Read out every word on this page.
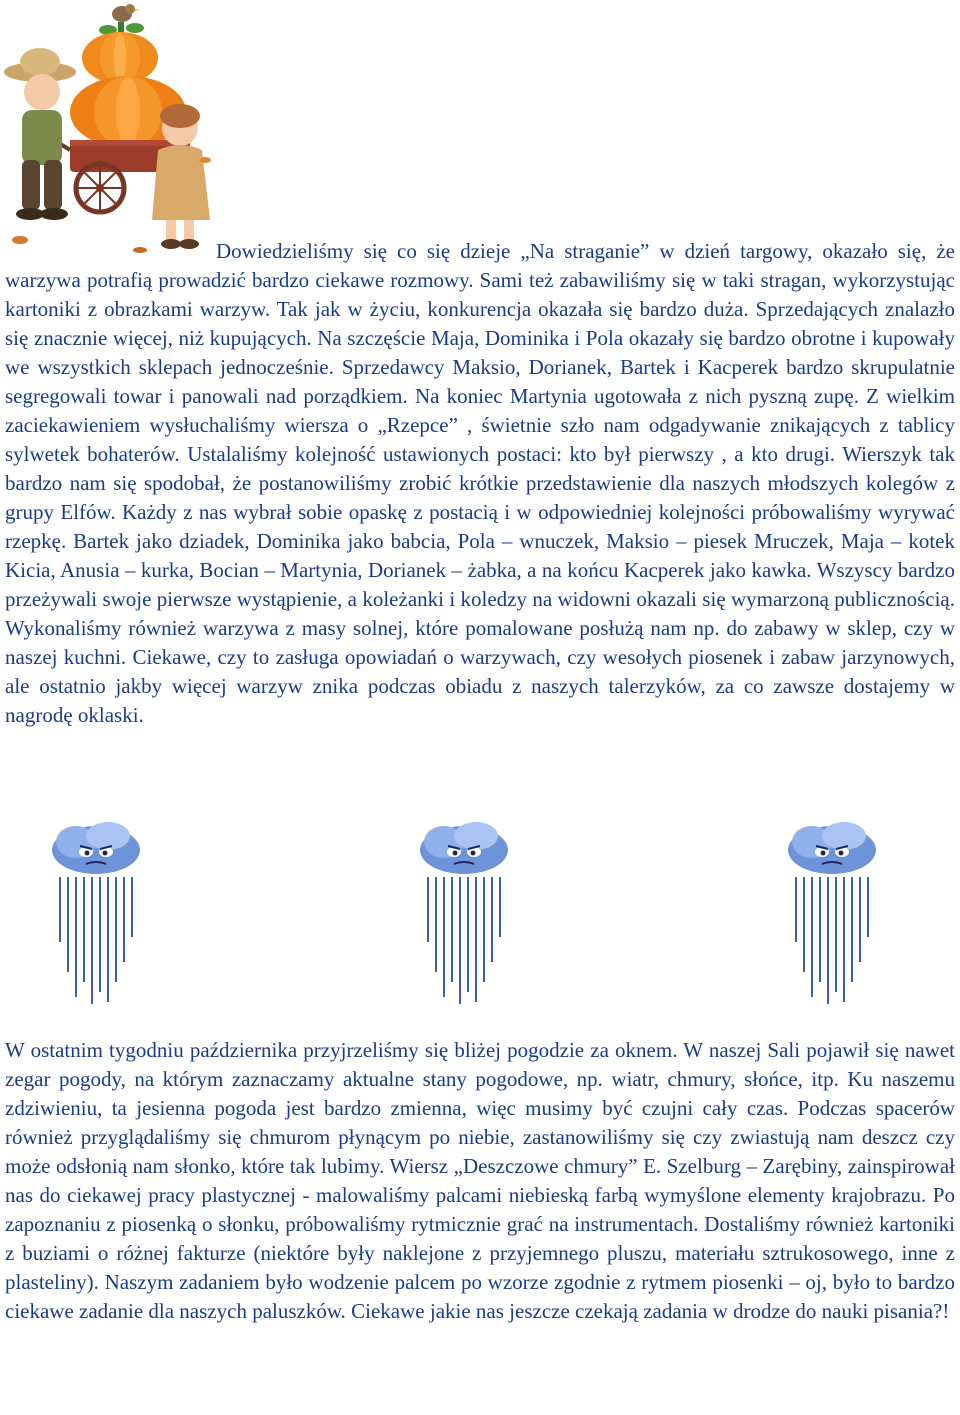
Dowiedzieliśmy się co się dzieje „Na straganie” w dzień targowy, okazało się, że warzywa potrafią prowadzić bardzo ciekawe rozmowy. Sami też zabawiliśmy się w taki stragan, wykorzystując kartoniki z obrazkami warzyw. Tak jak w życiu, konkurencja okazała się bardzo duża. Sprzedających znalazło się znacznie więcej, niż kupujących. Na szczęście Maja, Dominika i Pola okazały się bardzo obrotne i kupowały we wszystkich sklepach jednocześnie. Sprzedawcy Maksio, Dorianek, Bartek i Kacperek bardzo skrupulatnie segregowali towar i panowali nad porządkiem. Na koniec Martynia ugotowała z nich pyszną zupę. Z wielkim zaciekawieniem wysłuchaliśmy wiersza o „Rzepce” , świetnie szło nam odgadywanie znikających z tablicy sylwetek bohaterów. Ustalaliśmy kolejność ustawionych postaci: kto był pierwszy , a kto drugi. Wierszyk tak bardzo nam się spodobał, że postanowiliśmy zrobić krótkie przedstawienie dla naszych młodszych kolegów z grupy Elfów. Każdy z nas wybrał sobie opaskę z postacią i w odpowiedniej kolejności próbowaliśmy wyrywać rzepkę. Bartek jako dziadek, Dominika jako babcia, Pola – wnuczek, Maksio – piesek Mruczek, Maja – kotek Kicia, Anusia – kurka, Bocian – Martynia, Dorianek – żabka, a na końcu Kacperek jako kawka. Wszyscy bardzo przeżywali swoje pierwsze wystąpienie, a koleżanki i koledzy na widowni okazali się wymarzoną publicznością. Wykonaliśmy również warzywa z masy solnej, które pomalowane posłużą nam np. do zabawy w sklep, czy w naszej kuchni. Ciekawe, czy to zasługa opowiadań o warzywach, czy wesołych piosenek i zabaw jarzynowych, ale ostatnio jakby więcej warzyw znika podczas obiadu z naszych talerzyków, za co zawsze dostajemy w nagrodę oklaski.

W ostatnim tygodniu października przyjrzeliśmy się bliżej pogodzie za oknem. W naszej Sali pojawił się nawet zegar pogody, na którym zaznaczamy aktualne stany pogodowe, np. wiatr, chmury, słońce, itp. Ku naszemu zdziwieniu, ta jesienna pogoda jest bardzo zmienna, więc musimy być czujni cały czas. Podczas spacerów również przyglądaliśmy się chmurom płynącym po niebie, zastanowiliśmy się czy zwiastują nam deszcz czy może odsłonią nam słonko, które tak lubimy. Wiersz „Deszczowe chmury” E. Szelburg – Zarębiny, zainspirował nas do ciekawej pracy plastycznej - malowaliśmy palcami niebieską farbą wymyślone elementy krajobrazu. Po zapoznaniu z piosenką o słonku, próbowaliśmy rytmicznie grać na instrumentach. Dostaliśmy również kartoniki z buziami o różnej fakturze (niektóre były naklejone z przyjemnego pluszu, materiału sztrukosowego, inne z plasteliny). Naszym zadaniem było wodzenie palcem po wzorze zgodnie z rytmem piosenki – oj, było to bardzo ciekawe zadanie dla naszych paluszków. Ciekawe jakie nas jeszcze czekają zadania w drodze do nauki pisania?!
